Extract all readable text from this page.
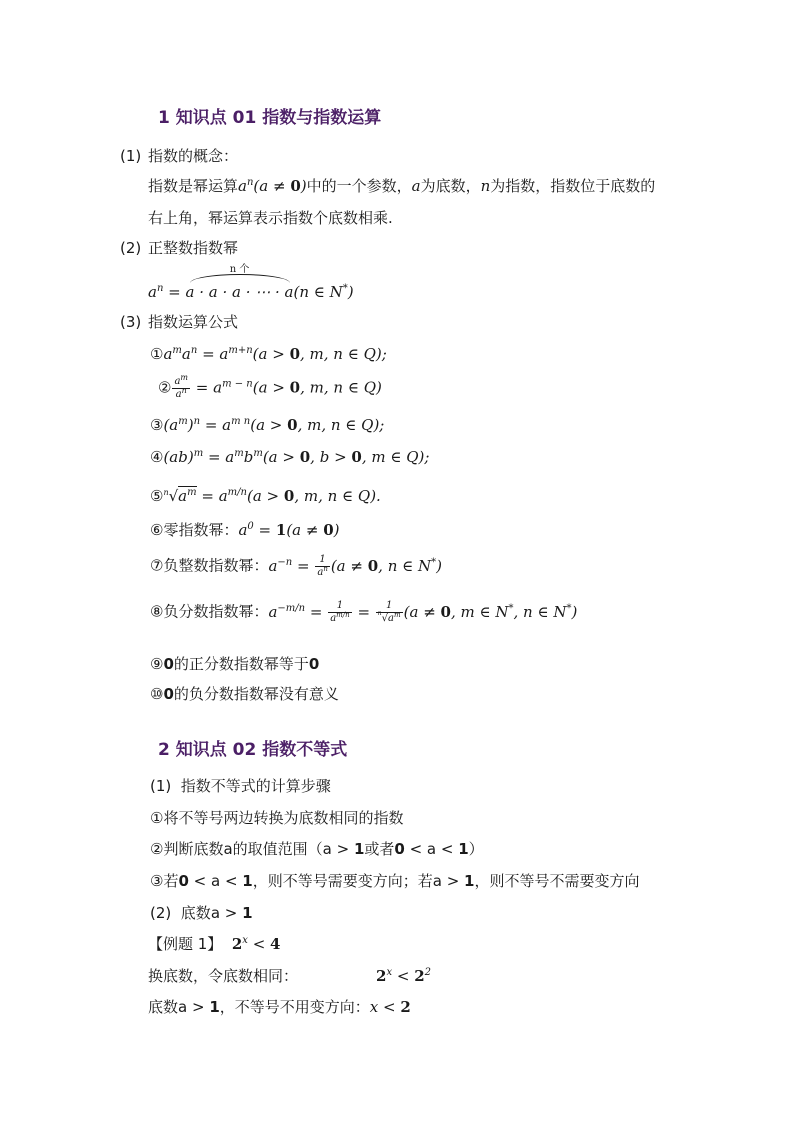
1 知识点 01 指数与指数运算
(1) 指数的概念：
指数是幂运算$a^n(a \ne 0)$中的一个参数，a为底数，n为指数，指数位于底数的
右上角，幂运算表示指数个底数相乘.
(2) 正整数指数幂
$a^n$ =
n 个
a · a · a · ⋯ · a(n ∈ N*)
(3) 指数运算公式
$①a^ma^n = a^{m+n}(a > 0$, m, n ∈ Q);
② $\frac{a^m}{a^n} = a^{m - n}(a > 0$, m, n ∈ Q)
$③(a^m)^n = a^{m n}(a > 0$, m, n ∈ Q);
④(ab)$^m$ = $a^mb^m(a > 0$, b > 0, m ∈ Q);
$⑤^n√a^m = a^{m/n}(a > 0$, m, n ∈ Q).
⑥零指数幂：$a^0 = 1(a \ne 0)$
⑦负整数指数幂：$a^{-n} = \frac{1}{a^n} (a \ne 0$, n ∈ N*)
⑧负分数指数幂：$a^{-m/n} = \frac{1}{a^{m/n}} = \frac{1}{^n√a^m} (a \ne 0$, m ∈ N*, n ∈ N*)
⑨0的正分数指数幂等于0
⑩0的负分数指数幂没有意义
2 知识点 02 指数不等式
(1) 指数不等式的计算步骤
①将不等号两边转换为底数相同的指数
②判断底数a的取值范围（a > 1或者0 < a < 1）
③若0 < a < 1，则不等号需要变方向；若a > 1，则不等号不需要变方向
(2) 底数a > 1
【例题 1】 $2^x < 4$
换底数，令底数相同：	$2^x < 2^2$
底数a > 1，不等号不用变方向：x < 2
